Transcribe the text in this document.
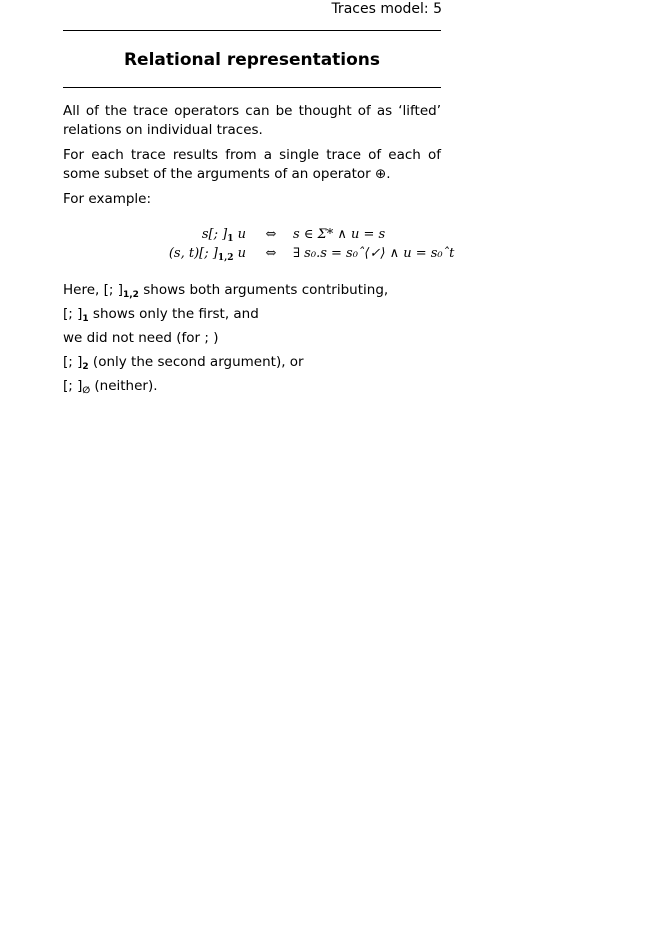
Traces model: 5
Relational representations
All of the trace operators can be thought of as ‘lifted’ relations on individual traces.
For each trace results from a single trace of each of some subset of the arguments of an operator ⊕.
For example:
s[; ]$_1$ u	⇔	s ∈ Σ* ∧ u = s
(s, t)[; ]$_{1,2}$ u	⇔	∃ s₀.s = s₀ˆ⟨✓⟩ ∧ u = s₀ˆt
Here, [; ]$_{1,2}$ shows both arguments contributing,
[; ]$_1$ shows only the first, and
we did not need (for ; )
[; ]$_2$ (only the second argument), or
[; ]$_\emptyset$ (neither).
